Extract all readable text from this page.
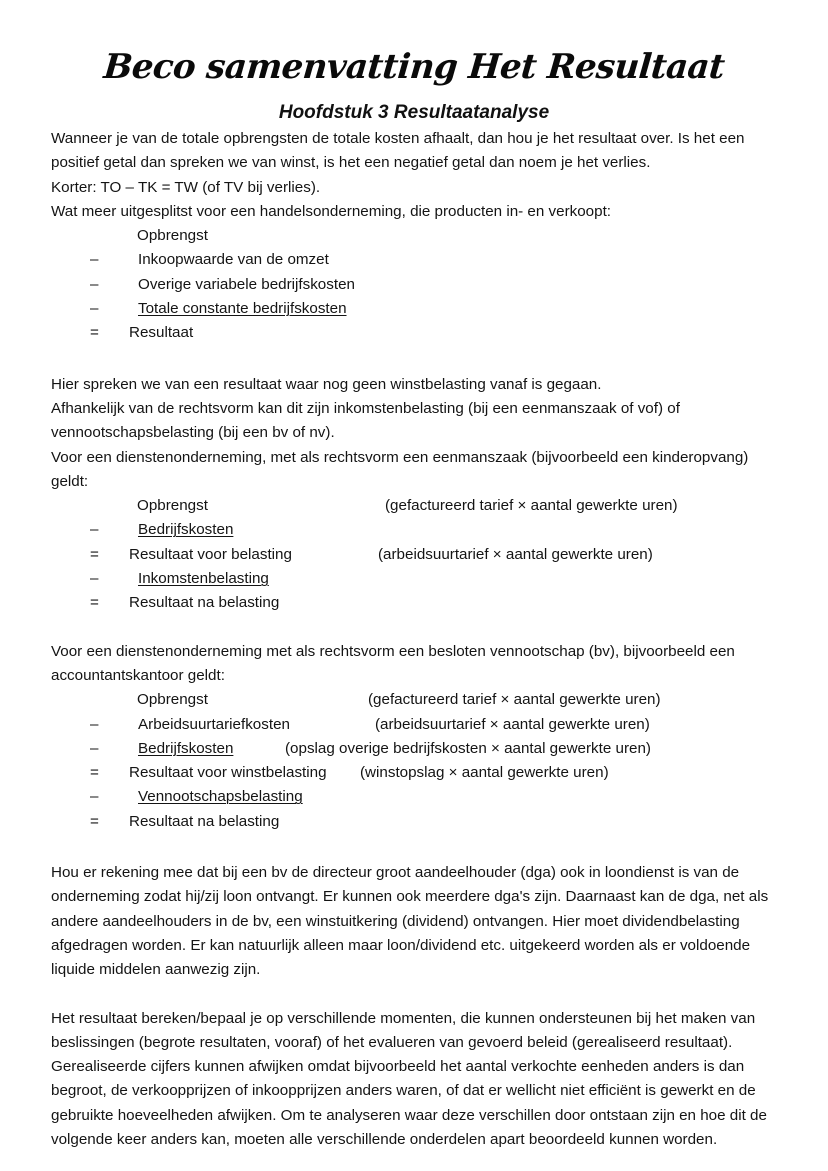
Beco samenvatting Het Resultaat
Hoofdstuk 3 Resultaatanalyse

Wanneer je van de totale opbrengsten de totale kosten afhaalt, dan hou je het resultaat over. Is het een positief getal dan spreken we van winst, is het een negatief getal dan noem je het verlies.

Korter: TO – TK = TW (of TV bij verlies).

Wat meer uitgesplitst voor een handelsonderneming, die producten in- en verkoopt:

Opbrengst
–	Inkoopwaarde van de omzet
–	Overige variabele bedrijfskosten
–	Totale constante bedrijfskosten
=	Resultaat

Hier spreken we van een resultaat waar nog geen winstbelasting vanaf is gegaan.

Afhankelijk van de rechtsvorm kan dit zijn inkomstenbelasting (bij een eenmanszaak of vof) of vennootschapsbelasting (bij een bv of nv).

Voor een dienstenonderneming, met als rechtsvorm een eenmanszaak (bijvoorbeeld een kinderopvang) geldt:

Opbrengst	(gefactureerd tarief × aantal gewerkte uren)
–	Bedrijfskosten
=	Resultaat voor belasting	(arbeidsuurtarief × aantal gewerkte uren)
–	Inkomstenbelasting
=	Resultaat na belasting

Voor een dienstenonderneming met als rechtsvorm een besloten vennootschap (bv), bijvoorbeeld een accountantskantoor geldt:

Opbrengst	(gefactureerd tarief × aantal gewerkte uren)
–	Arbeidsuurtariefkosten	(arbeidsuurtarief × aantal gewerkte uren)
–	Bedrijfskosten	(opslag overige bedrijfskosten × aantal gewerkte uren)
=	Resultaat voor winstbelasting (winstopslag × aantal gewerkte uren)
–	Vennootschapsbelasting
=	Resultaat na belasting

Hou er rekening mee dat bij een bv de directeur groot aandeelhouder (dga) ook in loondienst is van de onderneming zodat hij/zij loon ontvangt. Er kunnen ook meerdere dga's zijn. Daarnaast kan de dga, net als andere aandeelhouders in de bv, een winstuitkering (dividend) ontvangen. Hier moet dividendbelasting afgedragen worden. Er kan natuurlijk alleen maar loon/dividend etc. uitgekeerd worden als er voldoende liquide middelen aanwezig zijn.

Het resultaat bereken/bepaal je op verschillende momenten, die kunnen ondersteunen bij het maken van beslissingen (begrote resultaten, vooraf) of het evalueren van gevoerd beleid (gerealiseerd resultaat).

Gerealiseerde cijfers kunnen afwijken omdat bijvoorbeeld het aantal verkochte eenheden anders is dan begroot, de verkoopprijzen of inkoopprijzen anders waren, of dat er wellicht niet efficiënt is gewerkt en de gebruikte hoeveelheden afwijken. Om te analyseren waar deze verschillen door ontstaan zijn en hoe dit de volgende keer anders kan, moeten alle verschillende onderdelen apart beoordeeld kunnen worden.
